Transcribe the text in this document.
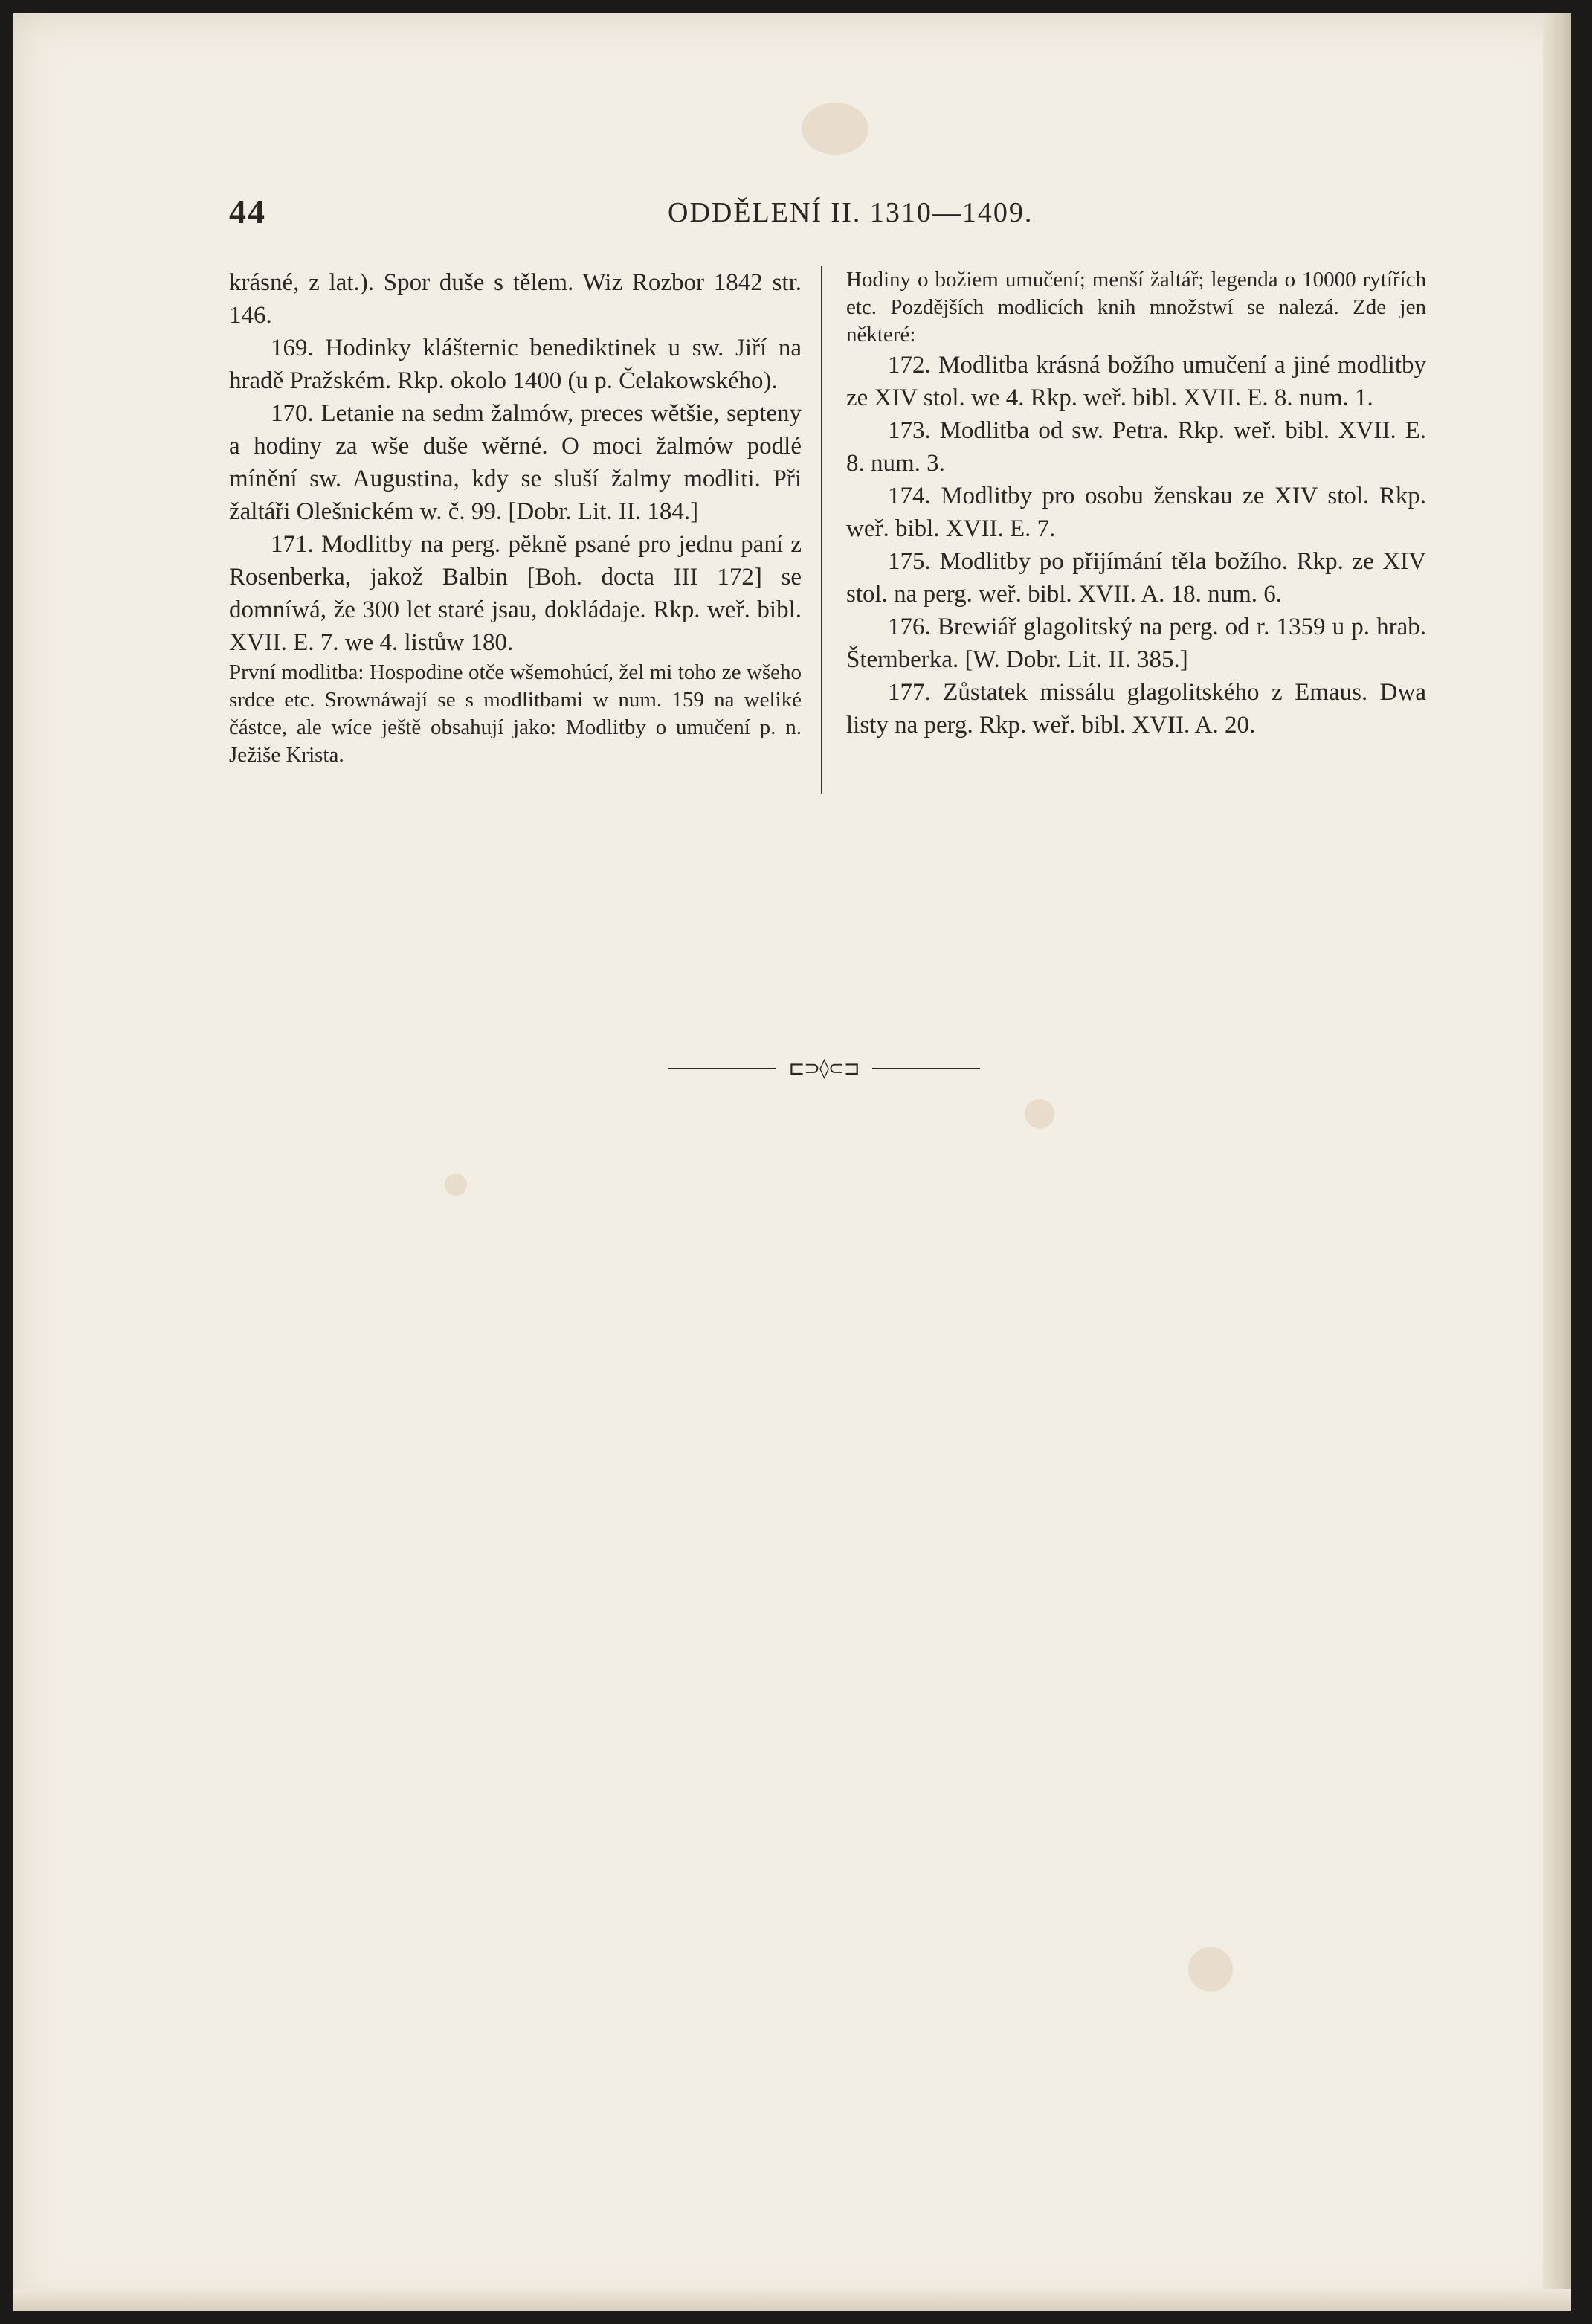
44	ODDĚLENÍ II. 1310—1409.

krásné, z lat.). Spor duše s tělem. Wiz Rozbor 1842 str. 146.

169. Hodinky klášternic benediktinek u sw. Jiří na hradě Pražském. Rkp. okolo 1400 (u p. Čelakowského).

170. Letanie na sedm žalmów, preces wětšie, septeny a hodiny za wše duše wěrné. O moci žalmów podlé mínění sw. Augustina, kdy se sluší žalmy modliti. Při žaltáři Olešnickém w. č. 99. [Dobr. Lit. II. 184.]

171. Modlitby na perg. pěkně psané pro jednu paní z Rosenberka, jakož Balbin [Boh. docta III 172] se domníwá, že 300 let staré jsau, dokládaje. Rkp. weř. bibl. XVII. E. 7. we 4. listůw 180.

První modlitba: Hospodine otče wšemohúcí, žel mi toho ze wšeho srdce etc. Srownáwají se s modlitbami w num. 159 na weliké částce, ale wíce ještě obsahují jako: Modlitby o umučení p. n. Ježiše Krista.

Hodiny o božiem umučení; menší žaltář; legenda o 10000 rytířích etc. Pozdějších modlicích knih množstwí se nalezá. Zde jen některé:

172. Modlitba krásná božího umučení a jiné modlitby ze XIV stol. we 4. Rkp. weř. bibl. XVII. E. 8. num. 1.

173. Modlitba od sw. Petra. Rkp. weř. bibl. XVII. E. 8. num. 3.

174. Modlitby pro osobu ženskau ze XIV stol. Rkp. weř. bibl. XVII. E. 7.

175. Modlitby po přijímání těla božího. Rkp. ze XIV stol. na perg. weř. bibl. XVII. A. 18. num. 6.

176. Brewiář glagolitský na perg. od r. 1359 u p. hrab. Šternberka. [W. Dobr. Lit. II. 385.]

177. Zůstatek missálu glagolitského z Emaus. Dwa listy na perg. Rkp. weř. bibl. XVII. A. 20.

⊏⊃◊⊂⊐
